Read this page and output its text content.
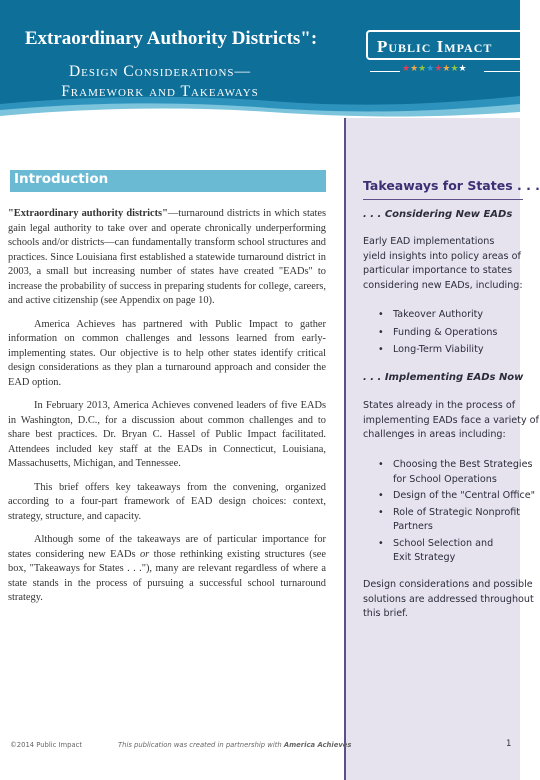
Extraordinary Authority Districts":
Design Considerations—
Framework and Takeaways
Public Impact
★★★★★★★★
Introduction

"Extraordinary authority districts"—turnaround districts in which states gain legal authority to take over and operate chronically underperforming schools and/or districts—can fundamentally transform school structures and practices. Since Louisiana first established a statewide turnaround district in 2003, a small but increasing number of states have created "EADs" to increase the probability of success in preparing students for college, careers, and active citizenship (see Appendix on page 10).

America Achieves has partnered with Public Impact to gather information on common challenges and lessons learned from early-implementing states. Our objective is to help other states identify critical design considerations as they plan a turnaround approach and consider the EAD option.

In February 2013, America Achieves convened leaders of five EADs in Washington, D.C., for a discussion about common challenges and to share best practices. Dr. Bryan C. Hassel of Public Impact facilitated. Attendees included key staff at the EADs in Connecticut, Louisiana, Massachusetts, Michigan, and Tennessee.

This brief offers key takeaways from the convening, organized according to a four-part framework of EAD design choices: context, strategy, structure, and capacity.

Although some of the takeaways are of particular importance for states considering new EADs or those rethinking existing structures (see box, "Takeaways for States . . ."), many are relevant regardless of where a state stands in the process of pursuing a successful school turnaround strategy.

Takeaways for States . . .
. . . Considering New EADs
Early EAD implementations
yield insights into policy areas of
particular importance to states
considering new EADs, including:
• Takeover Authority
• Funding & Operations
• Long-Term Viability
. . . Implementing EADs Now
States already in the process of
implementing EADs face a variety of
challenges in areas including:
• Choosing the Best Strategies
for School Operations
• Design of the "Central Office"
• Role of Strategic Nonprofit
Partners
• School Selection and
Exit Strategy
Design considerations and possible
solutions are addressed throughout
this brief.
©2014 Public Impact	This publication was created in partnership with America Achieves	1
